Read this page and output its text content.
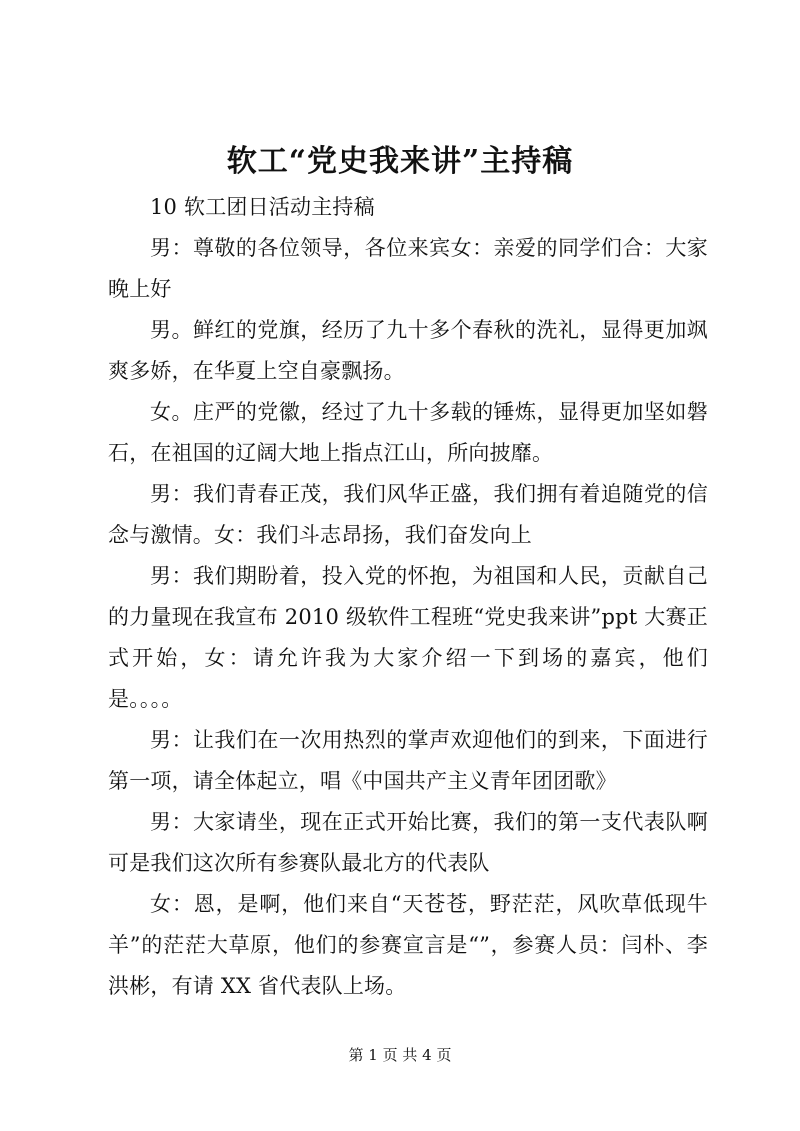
软工“党史我来讲”主持稿

10 软工团日活动主持稿

男：尊敬的各位领导，各位来宾女：亲爱的同学们合：大家晚上好

男。鲜红的党旗，经历了九十多个春秋的洗礼，显得更加飒爽多娇，在华夏上空自豪飘扬。

女。庄严的党徽，经过了九十多载的锤炼，显得更加坚如磐石，在祖国的辽阔大地上指点江山，所向披靡。

男：我们青春正茂，我们风华正盛，我们拥有着追随党的信念与激情。女：我们斗志昂扬，我们奋发向上

男：我们期盼着，投入党的怀抱，为祖国和人民，贡献自己的力量现在我宣布 2010 级软件工程班“党史我来讲”ppt 大赛正式开始，女：请允许我为大家介绍一下到场的嘉宾，他们是。。。。

男：让我们在一次用热烈的掌声欢迎他们的到来，下面进行第一项，请全体起立，唱《中国共产主义青年团团歌》

男：大家请坐，现在正式开始比赛，我们的第一支代表队啊可是我们这次所有参赛队最北方的代表队

女：恩，是啊，他们来自“天苍苍，野茫茫，风吹草低现牛羊”的茫茫大草原，他们的参赛宣言是“”，参赛人员：闫朴、李洪彬，有请 XX 省代表队上场。

第 1 页 共 4 页
